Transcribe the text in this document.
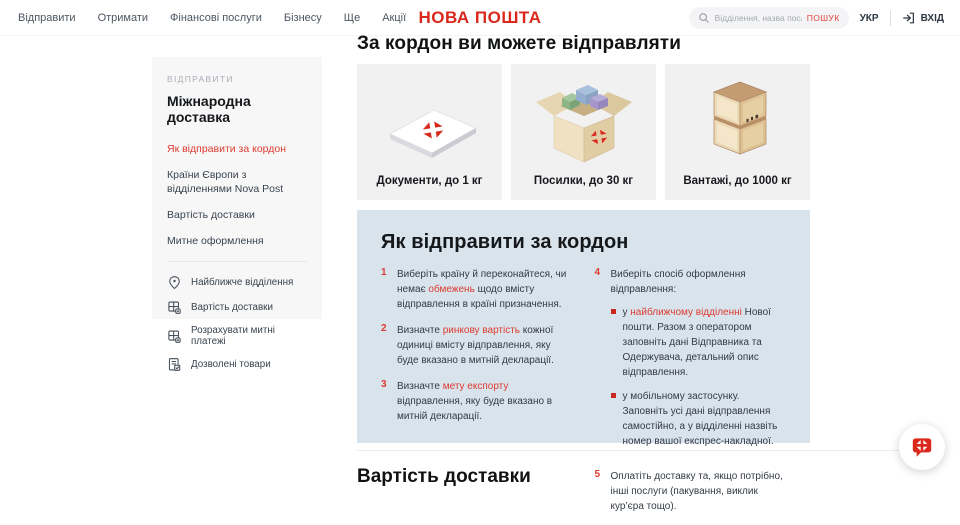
Відправити Отримати Фінансові послуги Бізнесу Ще Акції НОВА ПОШТА
Відділення, назва послуги, но	ПОШУК УКР	ВХІД
ВІДПРАВИТИ
Міжнародна доставка
Як відправити за кордон
Країни Європи з відділеннями Nova Post
Вартість доставки
Митне оформлення
Найближче відділення
Вартість доставки
Розрахувати митні платежі
Дозволені товари
За кордон ви можете відправляти
Документи, до 1 кг	Посилки, до 30 кг	Вантажі, до 1000 кг
Як відправити за кордон
1	Виберіть країну й переконайтеся, чи немає обмежень щодо вмісту відправлення в країні призначення.
2	Визначте ринкову вартість кожної одиниці вмісту відправлення, яку буде вказано в митній декларації.
3	Визначте мету експорту відправлення, яку буде вказано в митній декларації.
4	Виберіть спосіб оформлення відправлення:
у найближчому відділенні Нової пошти. Разом з оператором заповніть дані Відправника та Одержувача, детальний опис відправлення.
у мобільному застосунку. Заповніть усі дані відправлення самостійно, а у відділенні назвіть номер вашої експрес-накладної.
5	Оплатіть доставку та, якщо потрібно, інші послуги (пакування, виклик кур’єра тощо).
Вартість доставки
